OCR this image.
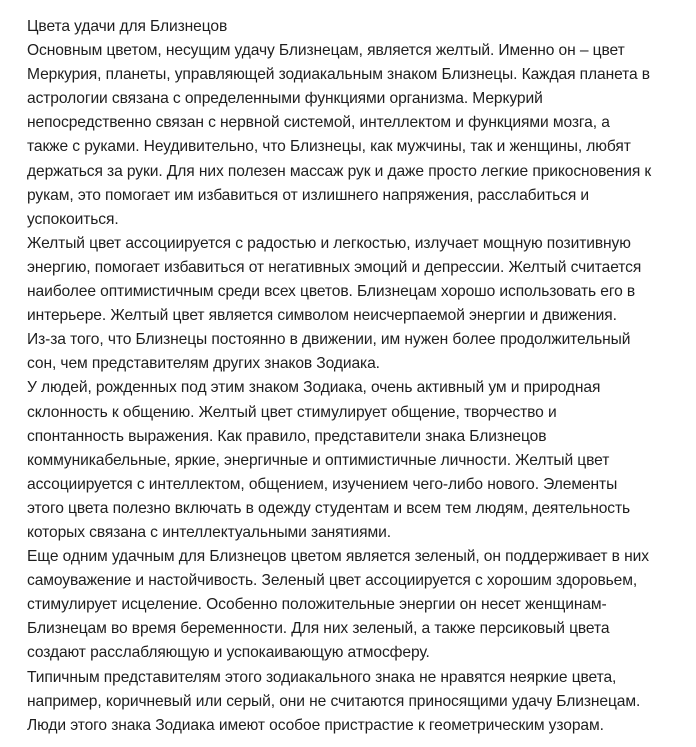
Цвета удачи для Близнецов

Основным цветом, несущим удачу Близнецам, является желтый. Именно он – цвет
Меркурия, планеты, управляющей зодиакальным знаком Близнецы. Каждая планета в
астрологии связана с определенными функциями организма. Меркурий
непосредственно связан с нервной системой, интеллектом и функциями мозга, а
также с руками. Неудивительно, что Близнецы, как мужчины, так и женщины, любят
держаться за руки. Для них полезен массаж рук и даже просто легкие прикосновения к
рукам, это помогает им избавиться от излишнего напряжения, расслабиться и
успокоиться.

Желтый цвет ассоциируется с радостью и легкостью, излучает мощную позитивную
энергию, помогает избавиться от негативных эмоций и депрессии. Желтый считается
наиболее оптимистичным среди всех цветов. Близнецам хорошо использовать его в
интерьере. Желтый цвет является символом неисчерпаемой энергии и движения.

Из-за того, что Близнецы постоянно в движении, им нужен более продолжительный
сон, чем представителям других знаков Зодиака.

У людей, рожденных под этим знаком Зодиака, очень активный ум и природная
склонность к общению. Желтый цвет стимулирует общение, творчество и
спонтанность выражения. Как правило, представители знака Близнецов
коммуникабельные, яркие, энергичные и оптимистичные личности. Желтый цвет
ассоциируется с интеллектом, общением, изучением чего-либо нового. Элементы
этого цвета полезно включать в одежду студентам и всем тем людям, деятельность
которых связана с интеллектуальными занятиями.

Еще одним удачным для Близнецов цветом является зеленый, он поддерживает в них
самоуважение и настойчивость. Зеленый цвет ассоциируется с хорошим здоровьем,
стимулирует исцеление. Особенно положительные энергии он несет женщинам-
Близнецам во время беременности. Для них зеленый, а также персиковый цвета
создают расслабляющую и успокаивающую атмосферу.

Типичным представителям этого зодиакального знака не нравятся неяркие цвета,
например, коричневый или серый, они не считаются приносящими удачу Близнецам.
Люди этого знака Зодиака имеют особое пристрастие к геометрическим узорам.
